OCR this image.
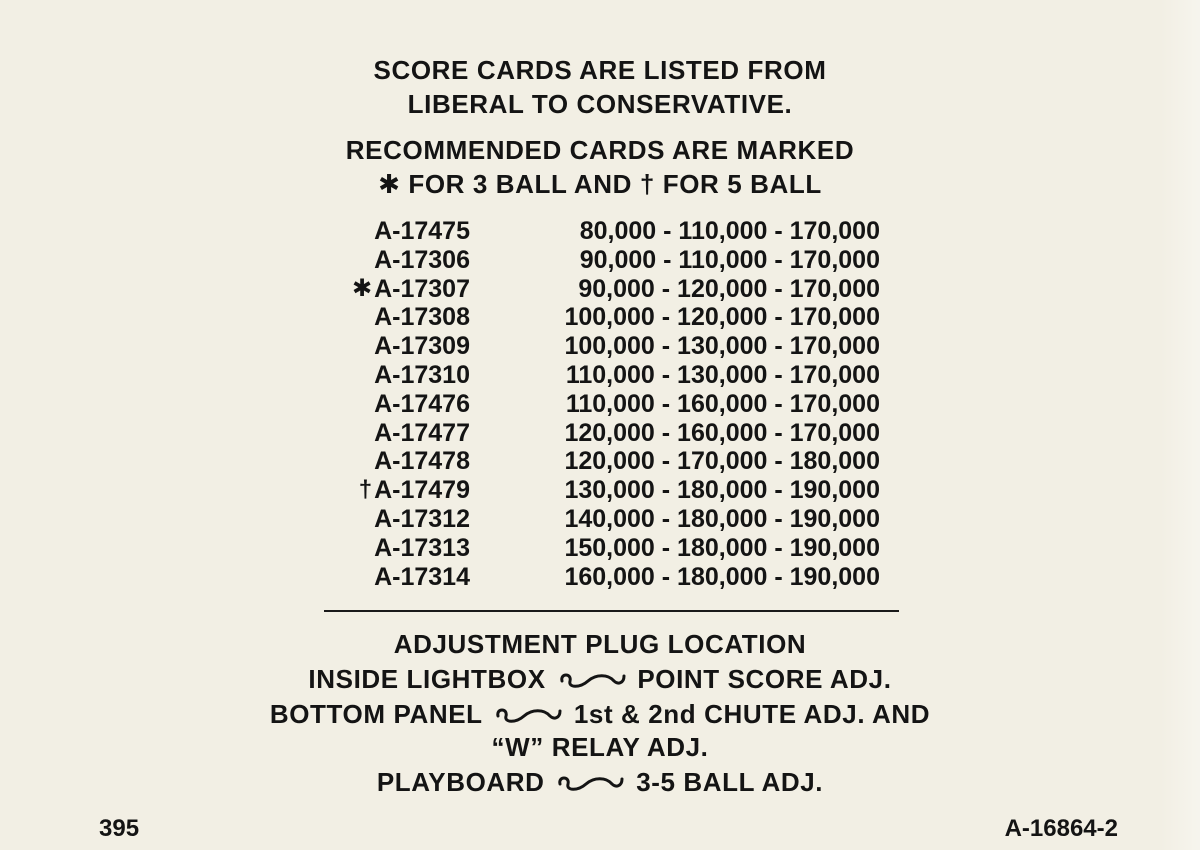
SCORE CARDS ARE LISTED FROM
LIBERAL TO CONSERVATIVE.
RECOMMENDED CARDS ARE MARKED
✱ FOR 3 BALL AND † FOR 5 BALL
A-17475	80,000 - 110,000 - 170,000
A-17306	90,000 - 110,000 - 170,000
✱ A-17307	90,000 - 120,000 - 170,000
A-17308	100,000 - 120,000 - 170,000
A-17309	100,000 - 130,000 - 170,000
A-17310	110,000 - 130,000 - 170,000
A-17476	110,000 - 160,000 - 170,000
A-17477	120,000 - 160,000 - 170,000
A-17478	120,000 - 170,000 - 180,000
† A-17479	130,000 - 180,000 - 190,000
A-17312	140,000 - 180,000 - 190,000
A-17313	150,000 - 180,000 - 190,000
A-17314	160,000 - 180,000 - 190,000
ADJUSTMENT PLUG LOCATION
INSIDE LIGHTBOX	POINT SCORE ADJ.
BOTTOM PANEL	1st & 2nd CHUTE ADJ. AND
“W” RELAY ADJ.
PLAYBOARD	3-5 BALL ADJ.
395	A-16864-2
